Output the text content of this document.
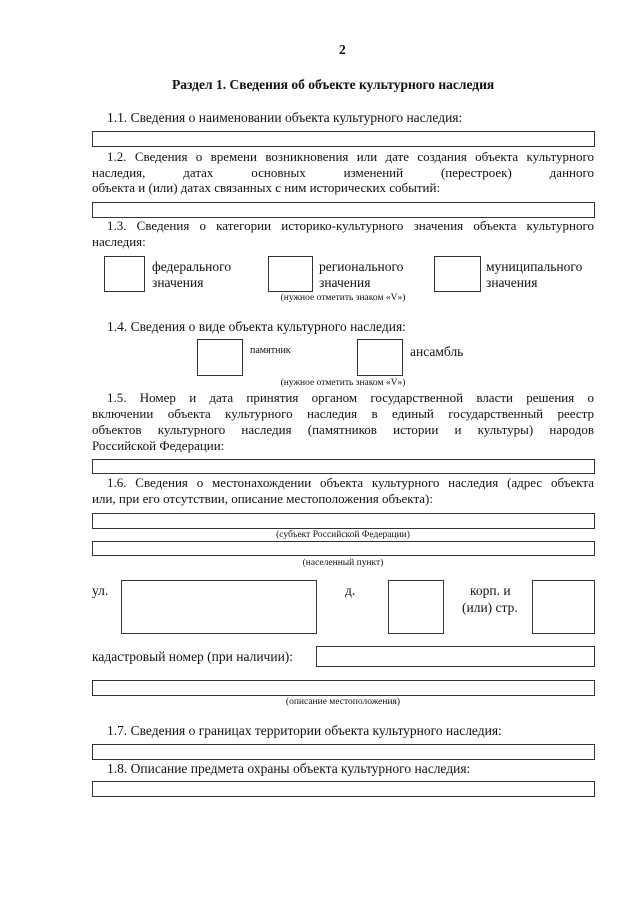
2
Раздел 1. Сведения об объекте культурного наследия
1.1. Сведения о наименовании объекта культурного наследия:
1.2. Сведения о времени возникновения или дате создания объекта культурного
наследия, датах основных изменений (перестроек) данного
объекта и (или) датах связанных с ним исторических событий:
1.3. Сведения о категории историко-культурного значения объекта культурного
наследия:
федерального
значения
регионального
значения
муниципального
значения
(нужное отметить знаком «V»)
1.4. Сведения о виде объекта культурного наследия:
памятник	ансамбль
(нужное отметить знаком «V»)
1.5. Номер и дата принятия органом государственной власти решения о
включении объекта культурного наследия в единый государственный реестр
объектов культурного наследия (памятников истории и культуры) народов
Российской Федерации:
1.6. Сведения о местонахождении объекта культурного наследия (адрес объекта
или, при его отсутствии, описание местоположения объекта):
(субъект Российской Федерации)
(населенный пункт)
ул.	д.	корп. и
(или) стр.
кадастровый номер (при наличии):
(описание местоположения)
1.7. Сведения о границах территории объекта культурного наследия:
1.8. Описание предмета охраны объекта культурного наследия:
